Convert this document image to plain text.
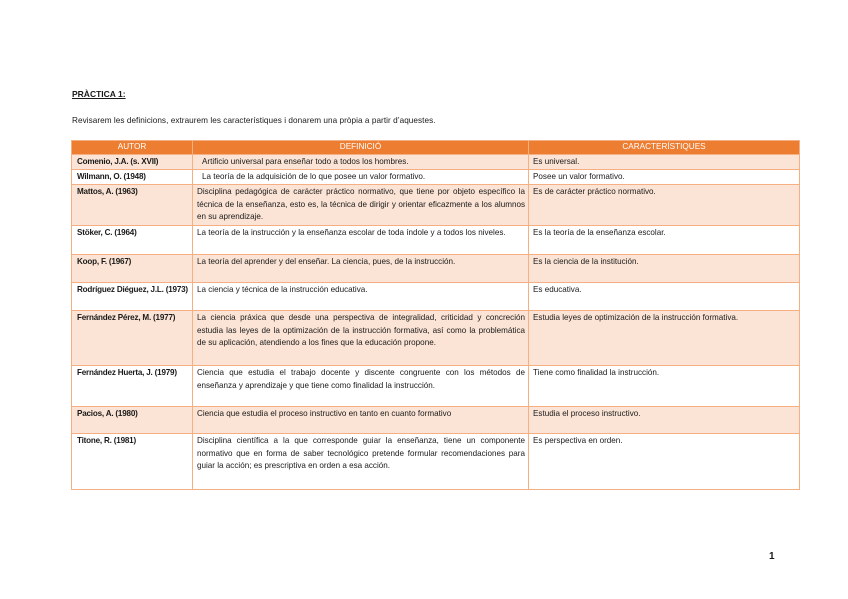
PRÀCTICA 1:
Revisarem les definicions, extraurem les característiques i donarem una pròpia a partir d’aquestes.
AUTOR	DEFINICIÓ	CARACTERÍSTIQUES
Comenio, J.A. (s. XVII)	Artificio universal para enseñar todo a todos los hombres.	Es universal.
Wilmann, O. (1948)	La teoría de la adquisición de lo que posee un valor formativo.	Posee un valor formativo.
Mattos, A. (1963)	Disciplina pedagógica de carácter práctico normativo, que tiene por objeto específico la técnica de la enseñanza, esto es, la técnica de dirigir y orientar eficazmente a los alumnos en su aprendizaje.	Es de carácter práctico normativo.
Stöker, C. (1964)	La teoría de la instrucción y la enseñanza escolar de toda índole y a todos los niveles.	Es la teoría de la enseñanza escolar.
Koop, F. (1967)	La teoría del aprender y del enseñar. La ciencia, pues, de la instrucción.	Es la ciencia de la institución.
Rodríguez Diéguez, J.L. (1973)	La ciencia y técnica de la instrucción educativa.	Es educativa.
Fernández Pérez, M. (1977)	La ciencia práxica que desde una perspectiva de integralidad, criticidad y concreción estudia las leyes de la optimización de la instrucción formativa, así como la problemática de su aplicación, atendiendo a los fines que la educación propone.	Estudia leyes de optimización de la instrucción formativa.
Fernández Huerta, J. (1979)	Ciencia que estudia el trabajo docente y discente congruente con los métodos de enseñanza y aprendizaje y que tiene como finalidad la instrucción.	Tiene como finalidad la instrucción.
Pacios, A. (1980)	Ciencia que estudia el proceso instructivo en tanto en cuanto formativo	Estudia el proceso instructivo.
Titone, R. (1981)	Disciplina científica a la que corresponde guiar la enseñanza, tiene un componente normativo que en forma de saber tecnológico pretende formular recomendaciones para guiar la acción; es prescriptiva en orden a esa acción.	Es perspectiva en orden.
1
